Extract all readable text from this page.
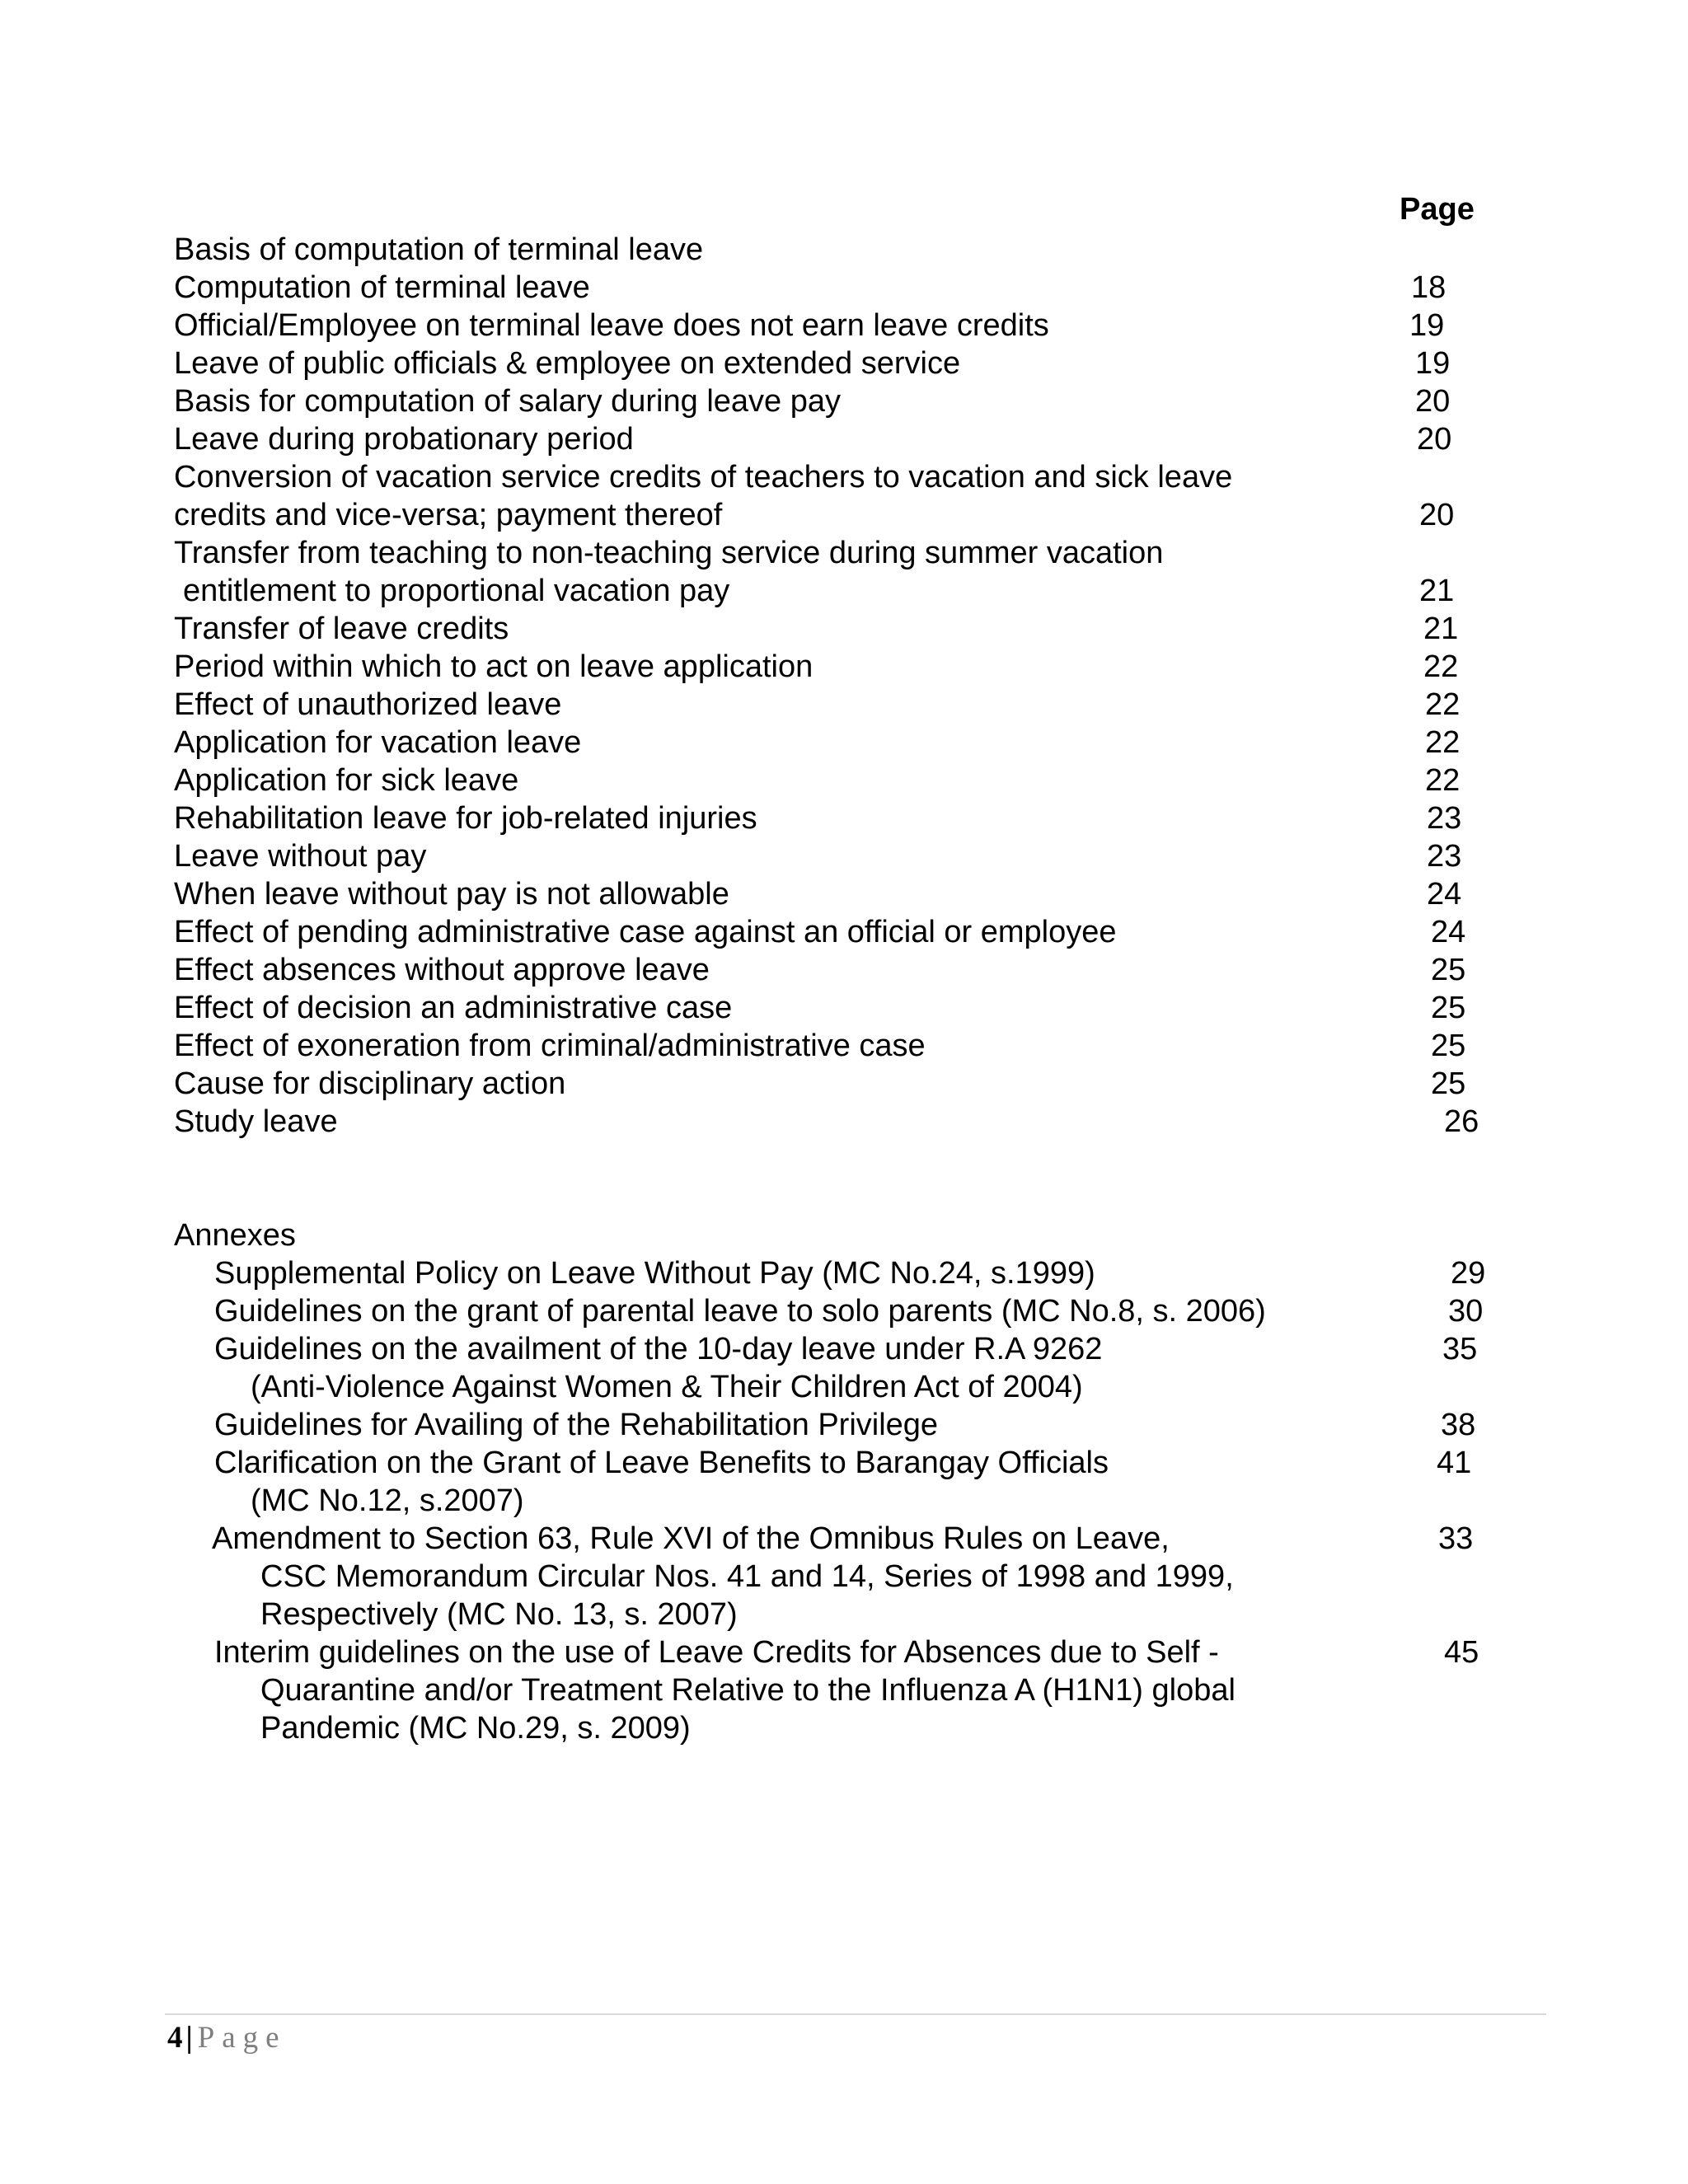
Page
Basis of computation of terminal leave
Computation of terminal leave	18
Official/Employee on terminal leave does not earn leave credits	19
Leave of public officials & employee on extended service	19
Basis for computation of salary during leave pay	20
Leave during probationary period	20
Conversion of vacation service credits of teachers to vacation and sick leave
credits and vice-versa; payment thereof	20
Transfer from teaching to non-teaching service during summer vacation
entitlement to proportional vacation pay	21
Transfer of leave credits	21
Period within which to act on leave application	22
Effect of unauthorized leave	22
Application for vacation leave	22
Application for sick leave	22
Rehabilitation leave for job-related injuries	23
Leave without pay	23
When leave without pay is not allowable	24
Effect of pending administrative case against an official or employee	24
Effect absences without approve leave	25
Effect of decision an administrative case	25
Effect of exoneration from criminal/administrative case	25
Cause for disciplinary action	25
Study leave	26
Annexes
Supplemental Policy on Leave Without Pay (MC No.24, s.1999)	29
Guidelines on the grant of parental leave to solo parents (MC No.8, s. 2006)	30
Guidelines on the availment of the 10-day leave under R.A 9262	35
(Anti-Violence Against Women & Their Children Act of 2004)
Guidelines for Availing of the Rehabilitation Privilege	38
Clarification on the Grant of Leave Benefits to Barangay Officials	41
(MC No.12, s.2007)
Amendment to Section 63, Rule XVI of the Omnibus Rules on Leave,	33
CSC Memorandum Circular Nos. 41 and 14, Series of 1998 and 1999,
Respectively (MC No. 13, s. 2007)
Interim guidelines on the use of Leave Credits for Absences due to Self -	45
Quarantine and/or Treatment Relative to the Influenza A (H1N1) global
Pandemic (MC No.29, s. 2009)
4 | Page
